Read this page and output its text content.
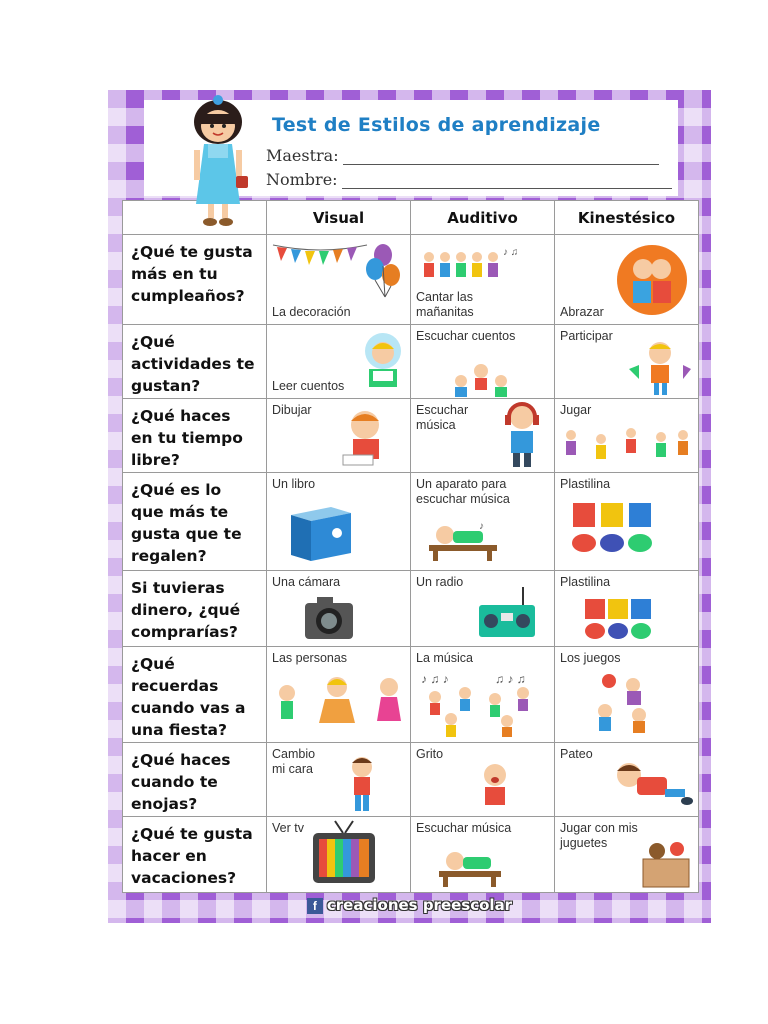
Test de Estilos de aprendizaje
Maestra:
Nombre:
	Visual	Auditivo	Kinestésico
¿Qué te gusta
más en tu
cumpleaños?	La decoración	♪ ♫
Cantar las
mañanitas	Abrazar

¿Qué
actividades te
gustan?	Leer cuentos	Escuchar cuentos	Participar

¿Qué haces
en tu tiempo
libre?	Dibujar	Escuchar
música	Jugar

¿Qué es lo
que más te
gusta que te
regalen?	Un libro	Un aparato para
escuchar música
♪	Plastilina

Si tuvieras
dinero, ¿qué
comprarías?	Una cámara	Un radio	Plastilina

¿Qué
recuerdas
cuando vas a
una fiesta?	Las personas	La música
♪ ♫ ♪ ♫ ♪ ♫	Los juegos

¿Qué haces
cuando te
enojas?	Cambio
mi cara	Grito	Pateo

¿Qué te gusta
hacer en
vacaciones?	Ver tv	Escuchar música	Jugar con mis
juguetes
f creaciones preescolar
